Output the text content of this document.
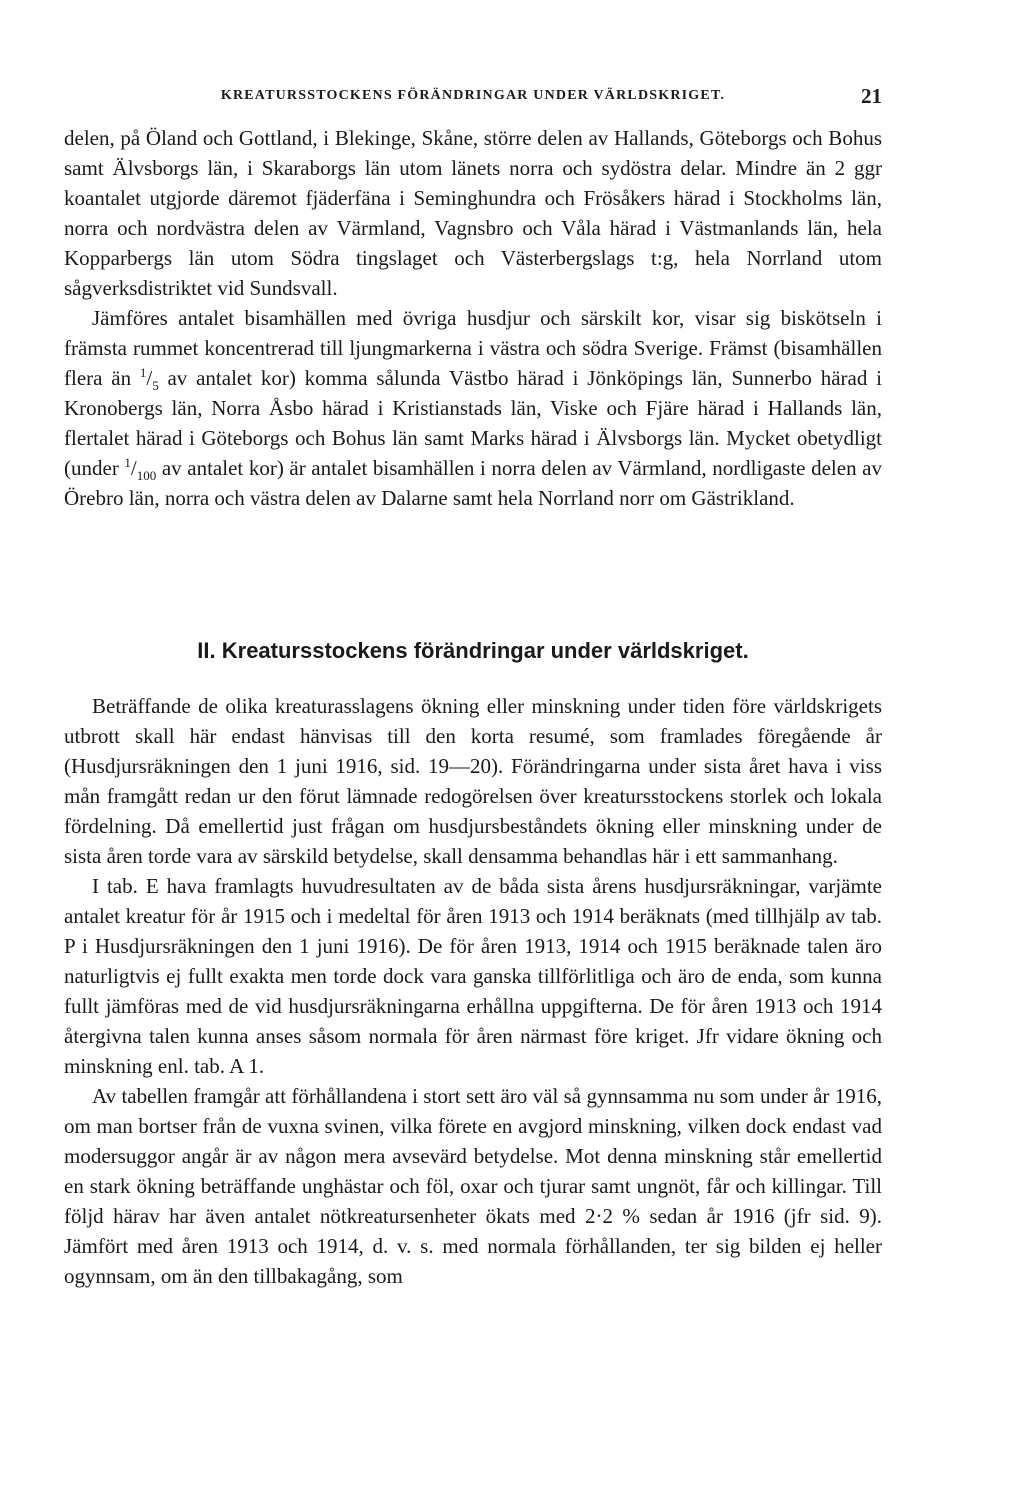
KREATURSSTOCKENS FÖRÄNDRINGAR UNDER VÄRLDSKRIGET.	21

delen, på Öland och Gottland, i Blekinge, Skåne, större delen av Hallands, Göteborgs och Bohus samt Älvsborgs län, i Skaraborgs län utom länets norra och sydöstra delar. Mindre än 2 ggr koantalet utgjorde däremot fjäderfäna i Seminghundra och Frösåkers härad i Stockholms län, norra och nordvästra delen av Värmland, Vagnsbro och Våla härad i Västmanlands län, hela Kopparbergs län utom Södra tingslaget och Västerbergslags t:g, hela Norrland utom sågverksdistriktet vid Sundsvall.

Jämföres antalet bisamhällen med övriga husdjur och särskilt kor, visar sig biskötseln i främsta rummet koncentrerad till ljungmarkerna i västra och södra Sverige. Främst (bisamhällen flera än $^1/_5$ av antalet kor) komma sålunda Västbo härad i Jönköpings län, Sunnerbo härad i Kronobergs län, Norra Åsbo härad i Kristianstads län, Viske och Fjäre härad i Hallands län, flertalet härad i Göteborgs och Bohus län samt Marks härad i Älvsborgs län. Mycket obetydligt (under $^1/_{100}$ av antalet kor) är antalet bisamhällen i norra delen av Värmland, nordligaste delen av Örebro län, norra och västra delen av Dalarne samt hela Norrland norr om Gästrikland.

II. Kreatursstockens förändringar under världskriget.

Beträffande de olika kreaturasslagens ökning eller minskning under tiden före världskrigets utbrott skall här endast hänvisas till den korta resumé, som framlades föregående år (Husdjursräkningen den 1 juni 1916, sid. 19—20). Förändringarna under sista året hava i viss mån framgått redan ur den förut lämnade redogörelsen över kreatursstockens storlek och lokala fördelning. Då emellertid just frågan om husdjursbeståndets ökning eller minskning under de sista åren torde vara av särskild betydelse, skall densamma behandlas här i ett sammanhang.

I tab. E hava framlagts huvudresultaten av de båda sista årens husdjursräkningar, varjämte antalet kreatur för år 1915 och i medeltal för åren 1913 och 1914 beräknats (med tillhjälp av tab. P i Husdjursräkningen den 1 juni 1916). De för åren 1913, 1914 och 1915 beräknade talen äro naturligtvis ej fullt exakta men torde dock vara ganska tillförlitliga och äro de enda, som kunna fullt jämföras med de vid husdjursräkningarna erhållna uppgifterna. De för åren 1913 och 1914 återgivna talen kunna anses såsom normala för åren närmast före kriget. Jfr vidare ökning och minskning enl. tab. A 1.

Av tabellen framgår att förhållandena i stort sett äro väl så gynnsamma nu som under år 1916, om man bortser från de vuxna svinen, vilka förete en avgjord minskning, vilken dock endast vad modersuggor angår är av någon mera avsevärd betydelse. Mot denna minskning står emellertid en stark ökning beträffande unghästar och föl, oxar och tjurar samt ungnöt, får och killingar. Till följd härav har även antalet nötkreatursenheter ökats med 2·2 % sedan år 1916 (jfr sid. 9). Jämfört med åren 1913 och 1914, d. v. s. med normala förhållanden, ter sig bilden ej heller ogynnsam, om än den tillbakagång, som
